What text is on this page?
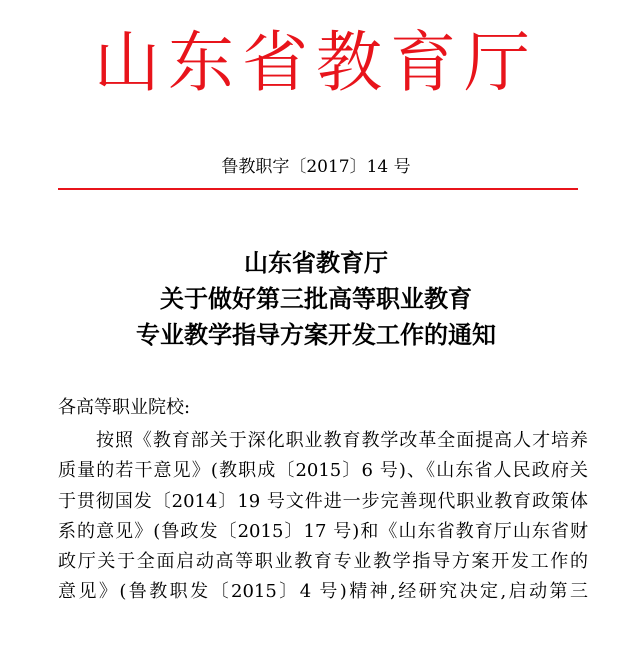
山东省教育厅
鲁教职字〔2017〕14 号
山东省教育厅
关于做好第三批高等职业教育
专业教学指导方案开发工作的通知
各高等职业院校:
按照《教育部关于深化职业教育教学改革全面提高人才培养
质量的若干意见》(教职成〔2015〕6 号)、《山东省人民政府关
于贯彻国发〔2014〕19 号文件进一步完善现代职业教育政策体
系的意见》(鲁政发〔2015〕17 号)和《山东省教育厅山东省财
政厅关于全面启动高等职业教育专业教学指导方案开发工作的
意见》(鲁教职发〔2015〕4 号)精神,经研究决定,启动第三
